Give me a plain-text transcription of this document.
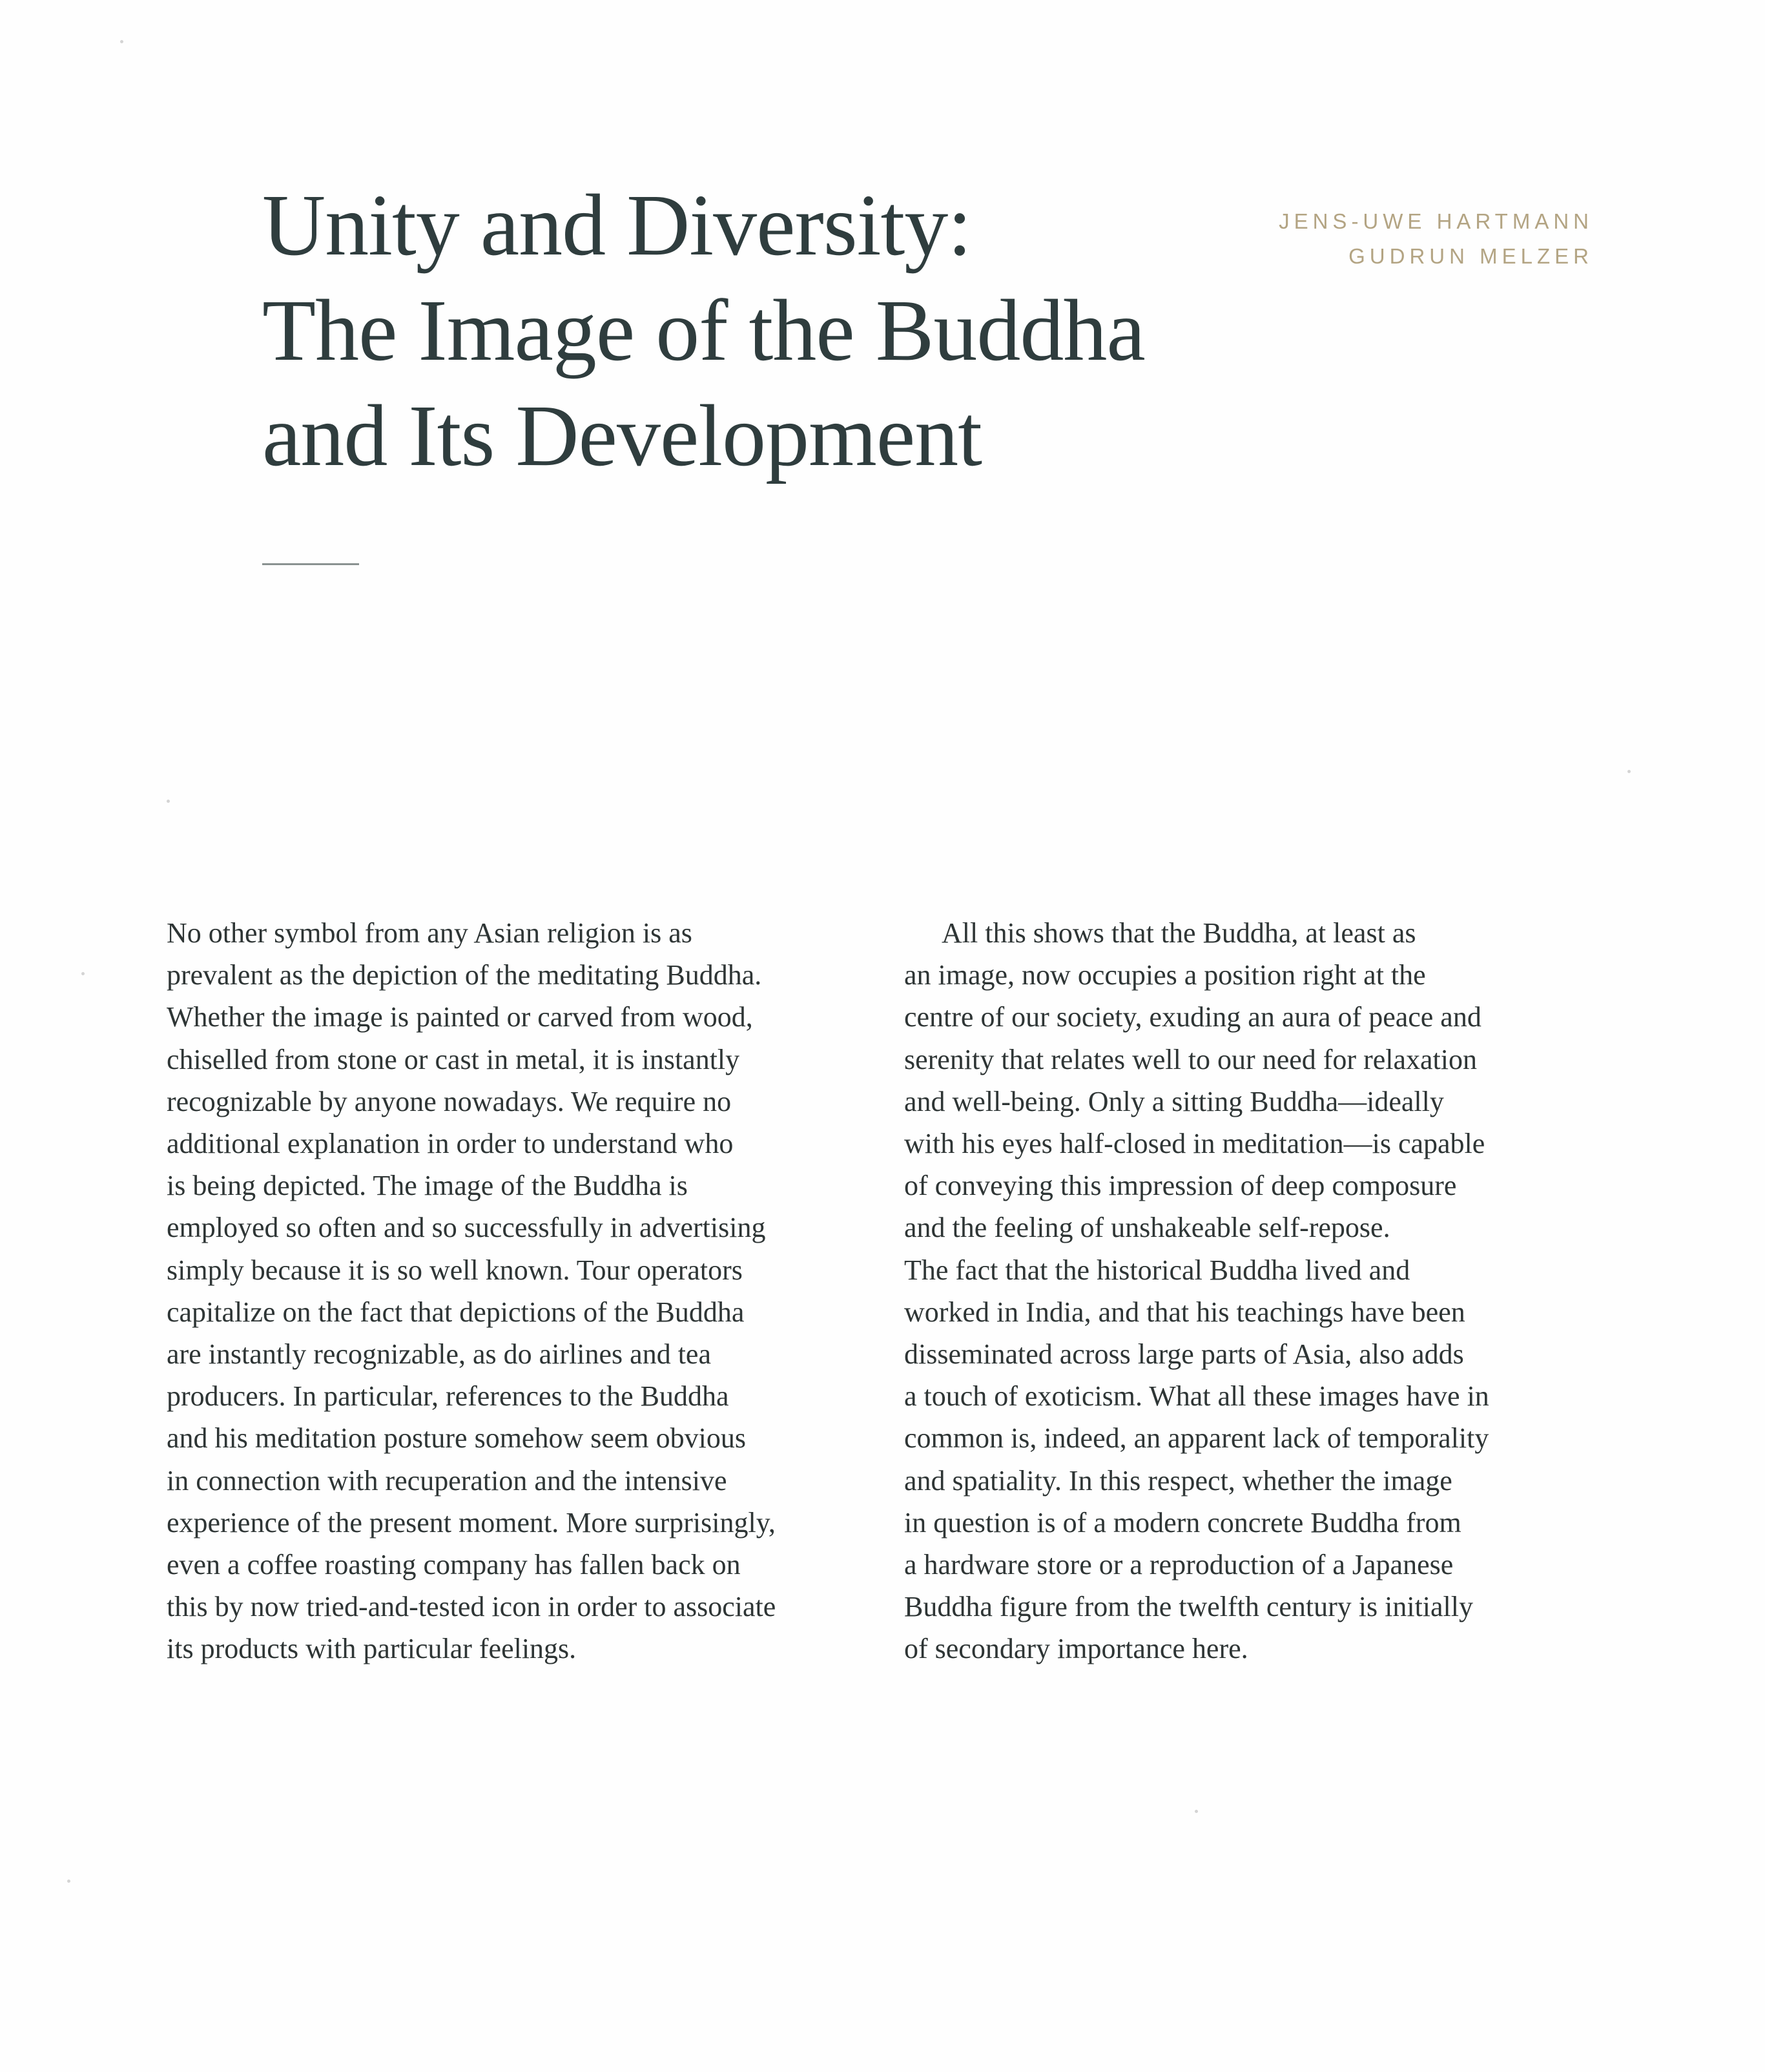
Unity and Diversity:
The Image of the Buddha
and Its Development
JENS-UWE HARTMANN
GUDRUN MELZER
No other symbol from any Asian religion is as
prevalent as the depiction of the meditating Buddha.
Whether the image is painted or carved from wood,
chiselled from stone or cast in metal, it is instantly
recognizable by anyone nowadays. We require no
additional explanation in order to understand who
is being depicted. The image of the Buddha is
employed so often and so successfully in advertising
simply because it is so well known. Tour operators
capitalize on the fact that depictions of the Buddha
are instantly recognizable, as do airlines and tea
producers. In particular, references to the Buddha
and his meditation posture somehow seem obvious
in connection with recuperation and the intensive
experience of the present moment. More surprisingly,
even a coffee roasting company has fallen back on
this by now tried-and-tested icon in order to associate
its products with particular feelings.
All this shows that the Buddha, at least as
an image, now occupies a position right at the
centre of our society, exuding an aura of peace and
serenity that relates well to our need for relaxation
and well-being. Only a sitting Buddha—ideally
with his eyes half-closed in meditation—is capable
of conveying this impression of deep composure
and the feeling of unshakeable self-repose.
The fact that the historical Buddha lived and
worked in India, and that his teachings have been
disseminated across large parts of Asia, also adds
a touch of exoticism. What all these images have in
common is, indeed, an apparent lack of temporality
and spatiality. In this respect, whether the image
in question is of a modern concrete Buddha from
a hardware store or a reproduction of a Japanese
Buddha figure from the twelfth century is initially
of secondary importance here.
